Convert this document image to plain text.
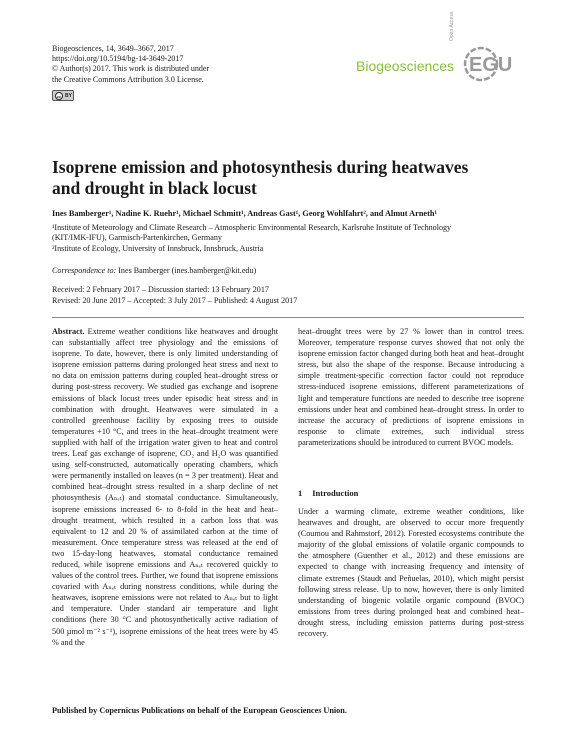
Biogeosciences, 14, 3649–3667, 2017
https://doi.org/10.5194/bg-14-3649-2017
© Author(s) 2017. This work is distributed under
the Creative Commons Attribution 3.0 License.
cc BY
Biogeosciences
Open Access
EGU
Isoprene emission and photosynthesis during heatwaves
and drought in black locust
Ines Bamberger¹, Nadine K. Ruehr¹, Michael Schmitt¹, Andreas Gast¹, Georg Wohlfahrt², and Almut Arneth¹
¹Institute of Meteorology and Climate Research – Atmospheric Environmental Research, Karlsruhe Institute of Technology
(KIT/IMK-IFU), Garmisch-Partenkirchen, Germany
²Institute of Ecology, University of Innsbruck, Innsbruck, Austria
Correspondence to: Ines Bamberger (ines.bamberger@kit.edu)
Received: 2 February 2017 – Discussion started: 13 February 2017
Revised: 20 June 2017 – Accepted: 3 July 2017 – Published: 4 August 2017

Abstract. Extreme weather conditions like heatwaves and drought can substantially affect tree physiology and the emissions of isoprene. To date, however, there is only limited understanding of isoprene emission patterns during prolonged heat stress and next to no data on emission patterns during coupled heat–drought stress or during post-stress recovery. We studied gas exchange and isoprene emissions of black locust trees under episodic heat stress and in combination with drought. Heatwaves were simulated in a controlled greenhouse facility by exposing trees to outside temperatures +10 °C, and trees in the heat–drought treatment were supplied with half of the irrigation water given to heat and control trees. Leaf gas exchange of isoprene, CO₂ and H₂O was quantified using self-constructed, automatically operating chambers, which were permanently installed on leaves (n = 3 per treatment). Heat and combined heat–drought stress resulted in a sharp decline of net photosynthesis (Aₙₑₜ) and stomatal conductance. Simultaneously, isoprene emissions increased 6- to 8-fold in the heat and heat–drought treatment, which resulted in a carbon loss that was equivalent to 12 and 20 % of assimilated carbon at the time of measurement. Once temperature stress was released at the end of two 15-day-long heatwaves, stomatal conductance remained reduced, while isoprene emissions and Aₙₑₜ recovered quickly to values of the control trees. Further, we found that isoprene emissions covaried with Aₙₑₜ during nonstress conditions, while during the heatwaves, isoprene emissions were not related to Aₙₑₜ but to light and temperature. Under standard air temperature and light conditions (here 30 °C and photosynthetically active radiation of 500 µmol m⁻² s⁻¹), isoprene emissions of the heat trees were by 45 % and the

heat–drought trees were by 27 % lower than in control trees. Moreover, temperature response curves showed that not only the isoprene emission factor changed during both heat and heat–drought stress, but also the shape of the response. Because introducing a simple treatment-specific correction factor could not reproduce stress-induced isoprene emissions, different parameterizations of light and temperature functions are needed to describe tree isoprene emissions under heat and combined heat–drought stress. In order to increase the accuracy of predictions of isoprene emissions in response to climate extremes, such individual stress parameterizations should be introduced to current BVOC models.

1 Introduction

Under a warming climate, extreme weather conditions, like heatwaves and drought, are observed to occur more frequently (Coumou and Rahmstorf, 2012). Forested ecosystems contribute the majority of the global emissions of volatile organic compounds to the atmosphere (Guenther et al., 2012) and these emissions are expected to change with increasing frequency and intensity of climate extremes (Staudt and Peñuelas, 2010), which might persist following stress release. Up to now, however, there is only limited understanding of biogenic volatile organic compound (BVOC) emissions from trees during prolonged heat and combined heat–drought stress, including emission patterns during post-stress recovery.

Published by Copernicus Publications on behalf of the European Geosciences Union.
